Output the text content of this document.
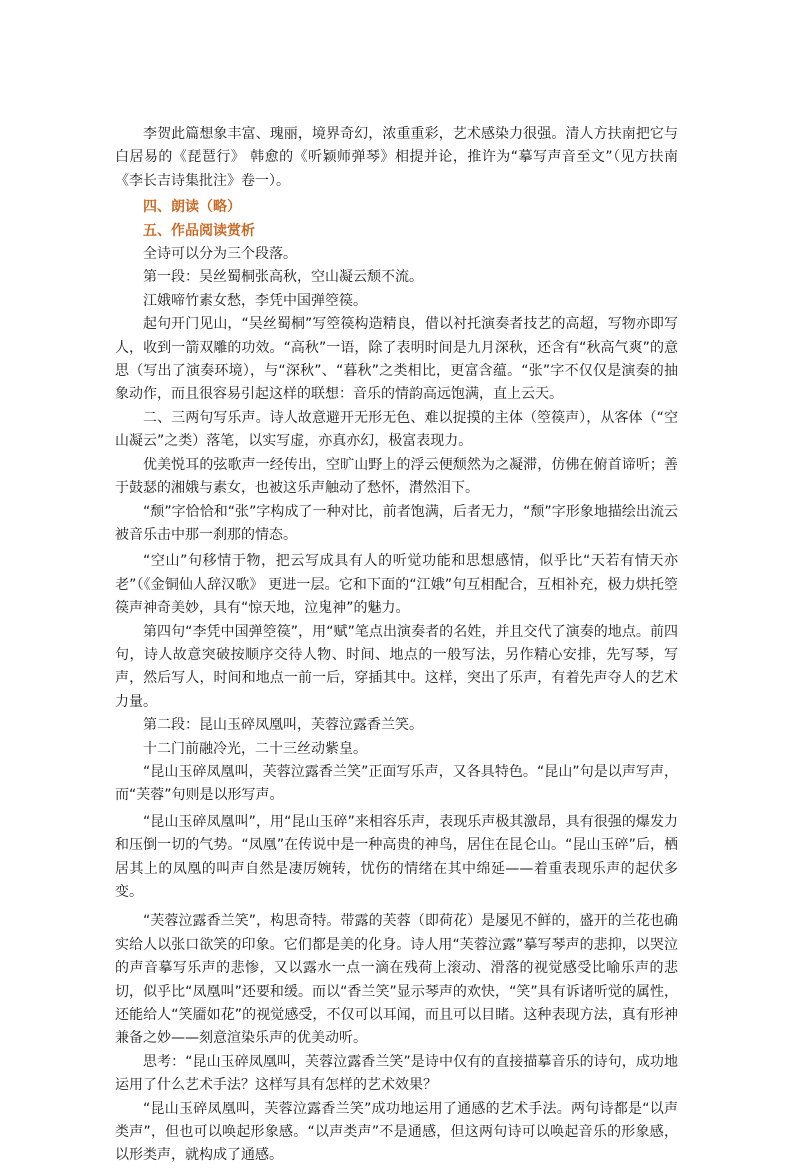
李贺此篇想象丰富、瑰丽，境界奇幻，浓重重彩，艺术感染力很强。清人方扶南把它与白居易的《琵琶行》 韩愈的《听颖师弹琴》相提并论，推许为“摹写声音至文”（见方扶南《李长吉诗集批注》卷一）。

四、朗读（略）

五、作品阅读赏析

全诗可以分为三个段落。

第一段：吴丝蜀桐张高秋，空山凝云颓不流。

江娥啼竹素女愁，李凭中国弹箜篌。

起句开门见山，“吴丝蜀桐”写箜篌构造精良，借以衬托演奏者技艺的高超，写物亦即写人，收到一箭双雕的功效。“高秋”一语，除了表明时间是九月深秋，还含有“秋高气爽”的意思（写出了演奏环境），与“深秋”、“暮秋”之类相比，更富含蕴。“张”字不仅仅是演奏的抽象动作，而且很容易引起这样的联想：音乐的情韵高远饱满，直上云天。

二、三两句写乐声。诗人故意避开无形无色、难以捉摸的主体（箜篌声），从客体（“空山凝云”之类）落笔，以实写虚，亦真亦幻，极富表现力。

优美悦耳的弦歌声一经传出，空旷山野上的浮云便颓然为之凝滞，仿佛在俯首谛听；善于鼓瑟的湘娥与素女，也被这乐声触动了愁怀，潸然泪下。

“颓”字恰恰和“张”字构成了一种对比，前者饱满，后者无力，“颓”字形象地描绘出流云被音乐击中那一刹那的情态。

“空山”句移情于物，把云写成具有人的听觉功能和思想感情，似乎比“天若有情天亦老”（《金铜仙人辞汉歌》 更进一层。它和下面的“江娥”句互相配合，互相补充，极力烘托箜篌声神奇美妙，具有“惊天地，泣鬼神”的魅力。

第四句“李凭中国弹箜篌”，用“赋”笔点出演奏者的名姓，并且交代了演奏的地点。前四句，诗人故意突破按顺序交待人物、时间、地点的一般写法，另作精心安排，先写琴，写声，然后写人，时间和地点一前一后，穿插其中。这样，突出了乐声，有着先声夺人的艺术力量。

第二段：昆山玉碎凤凰叫，芙蓉泣露香兰笑。

十二门前融冷光，二十三丝动紫皇。

“昆山玉碎凤凰叫，芙蓉泣露香兰笑”正面写乐声，又各具特色。“昆山”句是以声写声，而“芙蓉”句则是以形写声。

“昆山玉碎凤凰叫”，用“昆山玉碎”来相容乐声，表现乐声极其激昂，具有很强的爆发力和压倒一切的气势。“凤凰”在传说中是一种高贵的神鸟，居住在昆仑山。“昆山玉碎”后，栖居其上的凤凰的叫声自然是凄厉婉转，忧伤的情绪在其中绵延——着重表现乐声的起伏多变。

“芙蓉泣露香兰笑”，构思奇特。带露的芙蓉（即荷花）是屡见不鲜的，盛开的兰花也确实给人以张口欲笑的印象。它们都是美的化身。诗人用“芙蓉泣露”摹写琴声的悲抑，以哭泣的声音摹写乐声的悲惨，又以露水一点一滴在残荷上滚动、滑落的视觉感受比喻乐声的悲切，似乎比“凤凰叫”还要和缓。而以“香兰笑”显示琴声的欢快，“笑”具有诉诸听觉的属性，还能给人“笑靥如花”的视觉感受，不仅可以耳闻，而且可以目睹。这种表现方法，真有形神兼备之妙——刻意渲染乐声的优美动听。

思考：“昆山玉碎凤凰叫，芙蓉泣露香兰笑”是诗中仅有的直接描摹音乐的诗句，成功地运用了什么艺术手法？这样写具有怎样的艺术效果？

“昆山玉碎凤凰叫，芙蓉泣露香兰笑”成功地运用了通感的艺术手法。两句诗都是“以声类声”，但也可以唤起形象感。“以声类声”不是通感，但这两句诗可以唤起音乐的形象感，以形类声，就构成了通感。
